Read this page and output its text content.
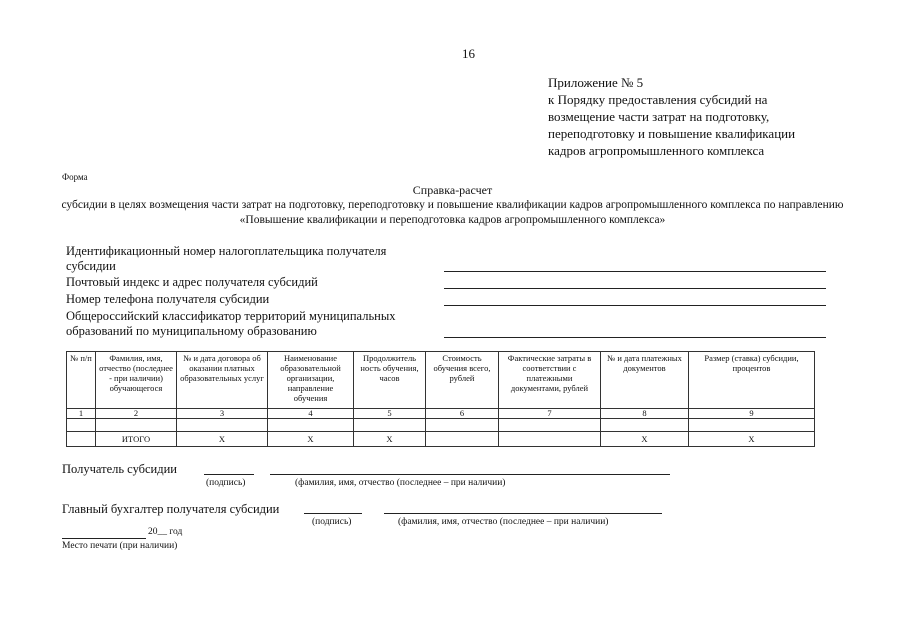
16
Приложение № 5
к Порядку предоставления субсидий на
возмещение части затрат на подготовку,
переподготовку и повышение квалификации
кадров агропромышленного комплекса
Форма
Справка-расчет
субсидии в целях возмещения части затрат на подготовку, переподготовку и повышение квалификации кадров агропромышленного комплекса по направлению «Повышение квалификации и переподготовка кадров агропромышленного комплекса»
Идентификационный номер налогоплательщика получателя
субсидии
Почтовый индекс и адрес получателя субсидий
Номер телефона получателя субсидии
Общероссийский классификатор территорий муниципальных
образований по муниципальному образованию
№ п/п	Фамилия, имя, отчество (последнее - при наличии) обучающегося	№ и дата договора об оказании платных образовательных услуг	Наименование образовательной организации, направление обучения	Продолжитель ность обучения, часов	Стоимость обучения всего, рублей	Фактические затраты в соответствии с платежными документами, рублей	№ и дата платежных документов	Размер (ставка) субсидии, процентов
1	2	3	4	5	6	7	8	9

	ИТОГО	Х	Х	Х			Х	Х
Получатель субсидии
(подпись)	(фамилия, имя, отчество (последнее – при наличии)
Главный бухгалтер получателя субсидии
(подпись)	(фамилия, имя, отчество (последнее – при наличии)
20__ год
Место печати (при наличии)
